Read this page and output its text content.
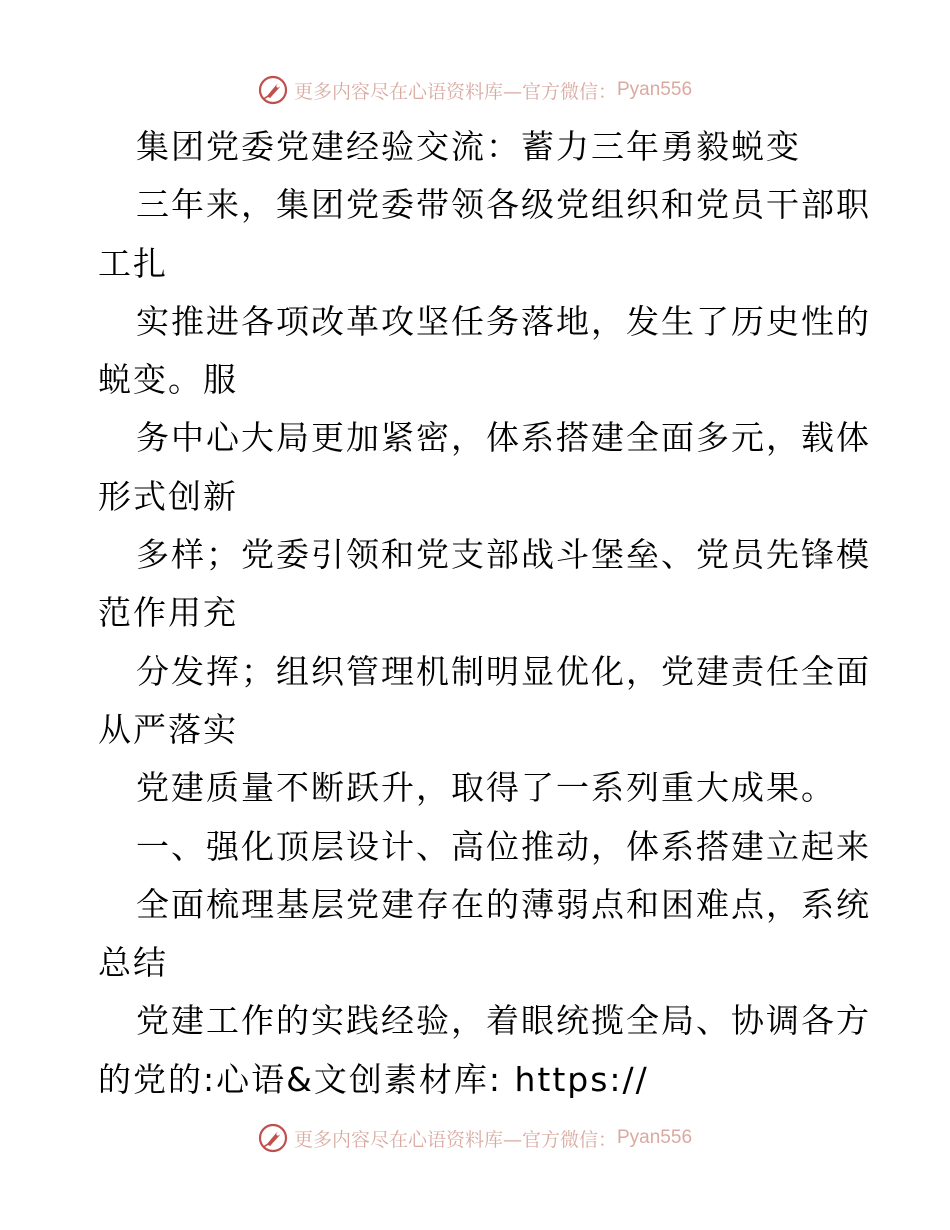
更多内容尽在心语资料库—官方微信： Pyan556
集团党委党建经验交流：蓄力三年勇毅蜕变
三年来，集团党委带领各级党组织和党员干部职
工扎
实推进各项改革攻坚任务落地，发生了历史性的
蜕变。服
务中心大局更加紧密，体系搭建全面多元，载体
形式创新
多样；党委引领和党支部战斗堡垒、党员先锋模
范作用充
分发挥；组织管理机制明显优化，党建责任全面
从严落实
党建质量不断跃升，取得了一系列重大成果。
一、强化顶层设计、高位推动，体系搭建立起来
全面梳理基层党建存在的薄弱点和困难点，系统
总结
党建工作的实践经验，着眼统揽全局、协调各方
的党的:心语&文创素材库: https://
更多内容尽在心语资料库—官方微信： Pyan556
